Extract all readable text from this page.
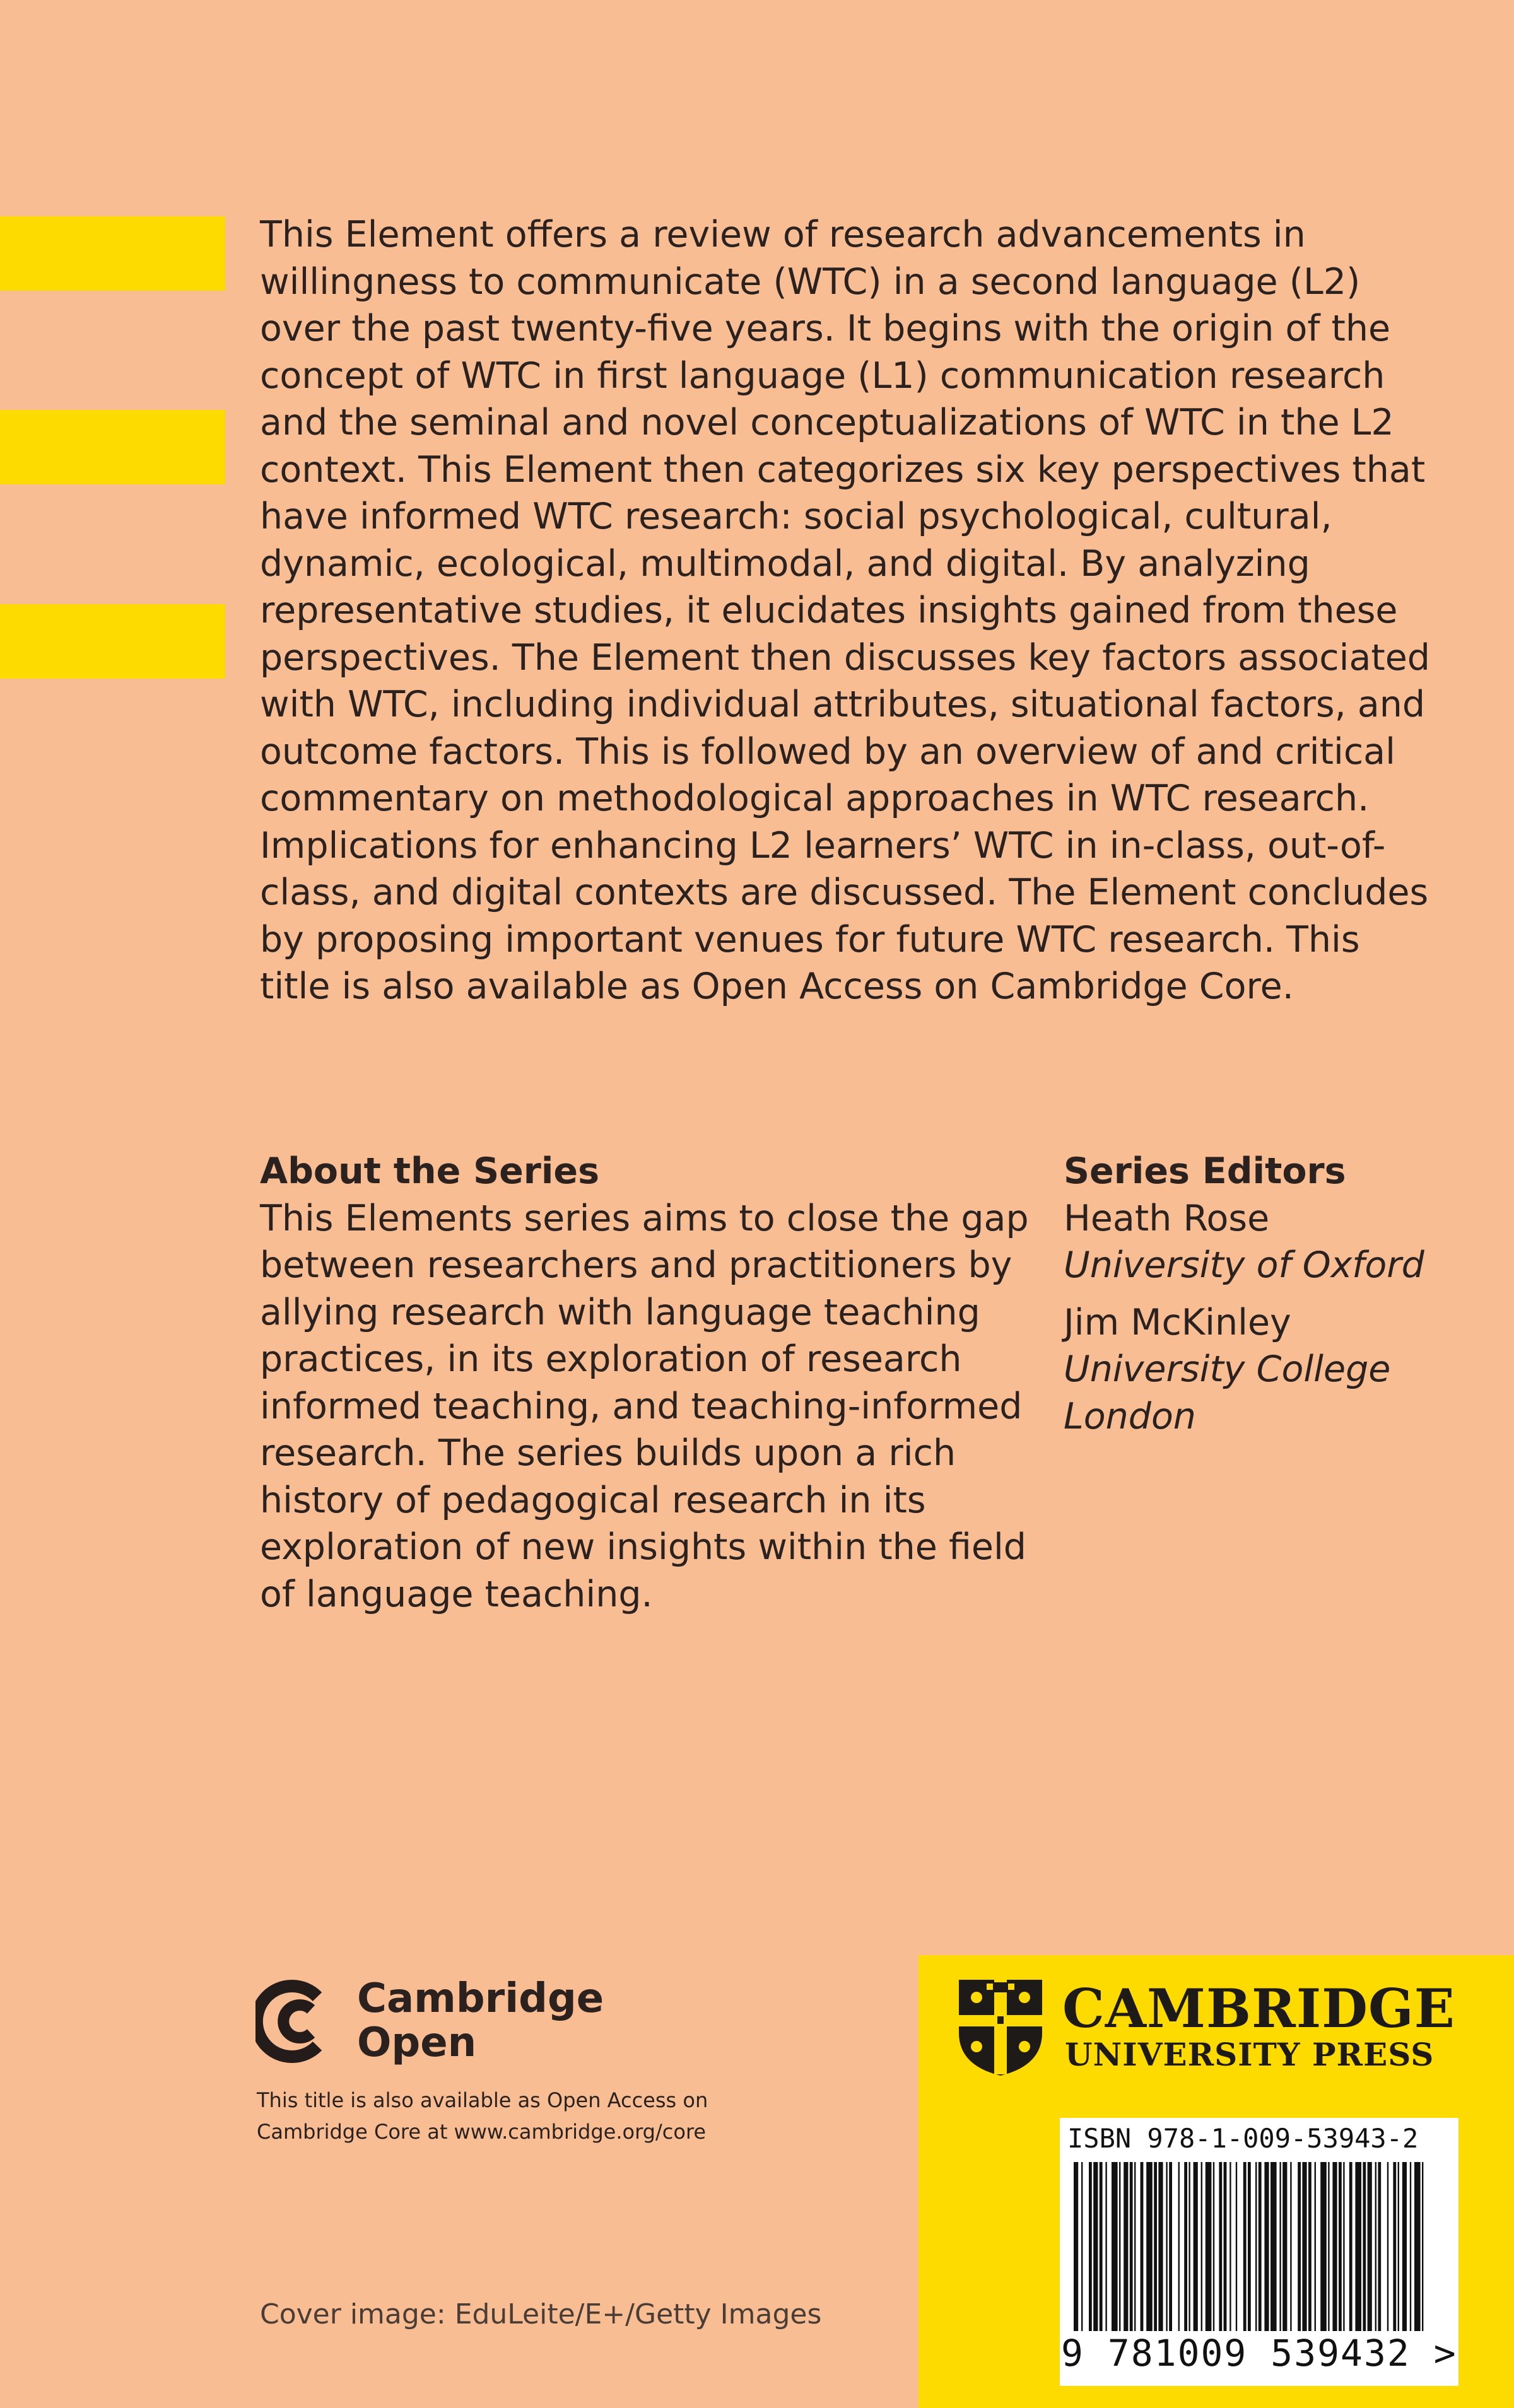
This Element offers a review of research advancements in willingness to communicate (WTC) in a second language (L2) over the past twenty-five years. It begins with the origin of the concept of WTC in first language (L1) communication research and the seminal and novel conceptualizations of WTC in the L2 context. This Element then categorizes six key perspectives that have informed WTC research: social psychological, cultural, dynamic, ecological, multimodal, and digital. By analyzing representative studies, it elucidates insights gained from these perspectives. The Element then discusses key factors associated with WTC, including individual attributes, situational factors, and outcome factors. This is followed by an overview of and critical commentary on methodological approaches in WTC research. Implications for enhancing L2 learners’ WTC in in-class, out-of-class, and digital contexts are discussed. The Element concludes by proposing important venues for future WTC research. This title is also available as Open Access on Cambridge Core.

About the Series

This Elements series aims to close the gap between researchers and practitioners by allying research with language teaching practices, in its exploration of research informed teaching, and teaching-informed research. The series builds upon a rich history of pedagogical research in its exploration of new insights within the field of language teaching.

Series Editors

Heath Rose
University of Oxford

Jim McKinley
University College London

Cambridge
Open
This title is also available as Open Access on Cambridge Core at www.cambridge.org/core
Cover image: EduLeite/E+/Getty Images
CAMBRIDGE
UNIVERSITY PRESS
ISBN 978-1-009-53943-2
9 781009 539432 >
